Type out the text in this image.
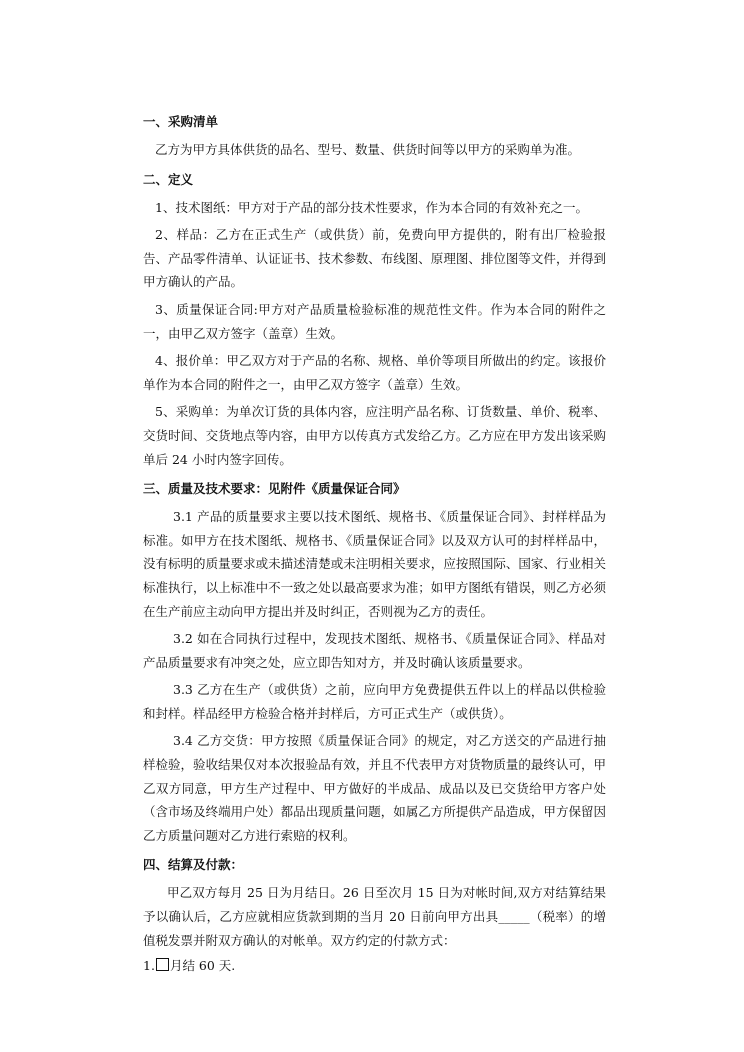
一、采购清单

乙方为甲方具体供货的品名、型号、数量、供货时间等以甲方的采购单为准。

二、定义

1、技术图纸：甲方对于产品的部分技术性要求，作为本合同的有效补充之一。

2、样品：乙方在正式生产（或供货）前，免费向甲方提供的，附有出厂检验报告、产品零件清单、认证证书、技术参数、布线图、原理图、排位图等文件，并得到甲方确认的产品。

3、质量保证合同:甲方对产品质量检验标准的规范性文件。作为本合同的附件之一，由甲乙双方签字（盖章）生效。

4、报价单：甲乙双方对于产品的名称、规格、单价等项目所做出的约定。该报价单作为本合同的附件之一，由甲乙双方签字（盖章）生效。

5、采购单：为单次订货的具体内容，应注明产品名称、订货数量、单价、税率、交货时间、交货地点等内容，由甲方以传真方式发给乙方。乙方应在甲方发出该采购单后 24 小时内签字回传。

三、质量及技术要求：见附件《质量保证合同》

3.1 产品的质量要求主要以技术图纸、规格书、《质量保证合同》、封样样品为标准。如甲方在技术图纸、规格书、《质量保证合同》以及双方认可的封样样品中，没有标明的质量要求或未描述清楚或未注明相关要求，应按照国际、国家、行业相关标准执行，以上标准中不一致之处以最高要求为准；如甲方图纸有错误，则乙方必须在生产前应主动向甲方提出并及时纠正，否则视为乙方的责任。

3.2 如在合同执行过程中，发现技术图纸、规格书、《质量保证合同》、样品对产品质量要求有冲突之处，应立即告知对方，并及时确认该质量要求。

3.3 乙方在生产（或供货）之前，应向甲方免费提供五件以上的样品以供检验和封样。样品经甲方检验合格并封样后，方可正式生产（或供货）。

3.4 乙方交货：甲方按照《质量保证合同》的规定，对乙方送交的产品进行抽样检验，验收结果仅对本次报验品有效，并且不代表甲方对货物质量的最终认可，甲乙双方同意，甲方生产过程中、甲方做好的半成品、成品以及已交货给甲方客户处（含市场及终端用户处）都品出现质量问题，如属乙方所提供产品造成，甲方保留因乙方质量问题对乙方进行索赔的权利。

四、结算及付款：

甲乙双方每月 25 日为月结日。26 日至次月 15 日为对帐时间,双方对结算结果予以确认后，乙方应就相应货款到期的当月 20 日前向甲方出具_____（税率）的增值税发票并附双方确认的对帐单。双方约定的付款方式：

1. 月结 60 天.
